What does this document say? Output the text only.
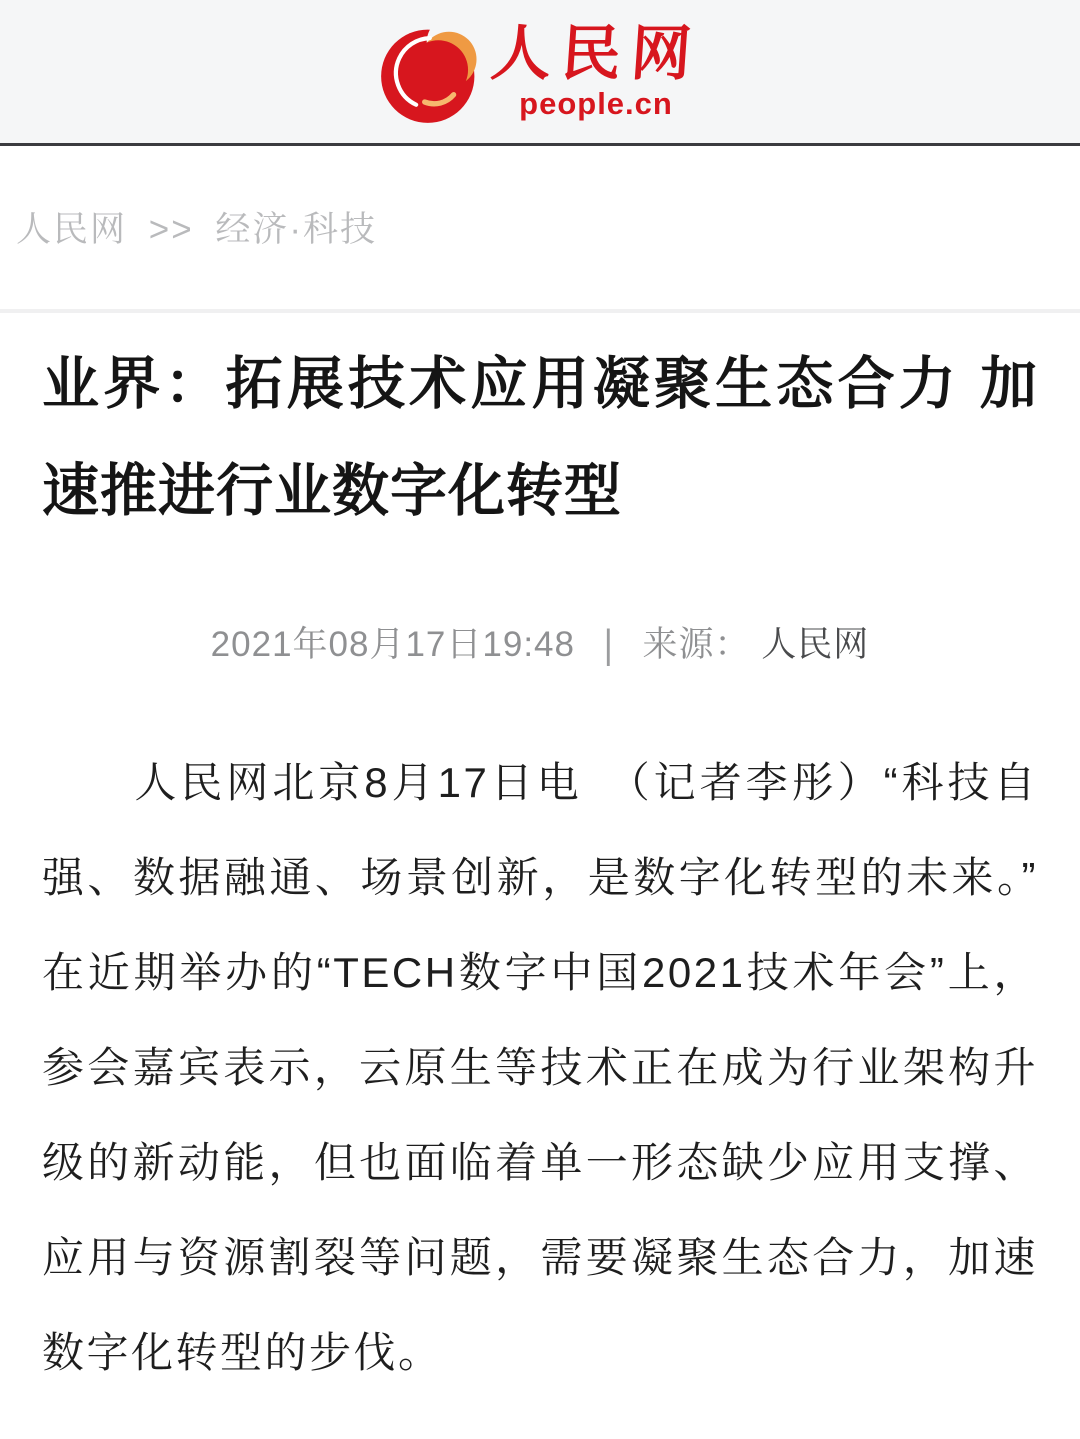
人民网
people.cn
人民网 >> 经济·科技
业界：拓展技术应用凝聚生态合力 加速推进行业数字化转型
2021年08月17日19:48 | 来源： 人民网

人民网北京8月17日电　（记者李彤）“科技自强、数据融通、场景创新，是数字化转型的未来。”在近期举办的“TECH数字中国2021技术年会”上，参会嘉宾表示，云原生等技术正在成为行业架构升级的新动能，但也面临着单一形态缺少应用支撑、应用与资源割裂等问题，需要凝聚生态合力，加速数字化转型的步伐。
